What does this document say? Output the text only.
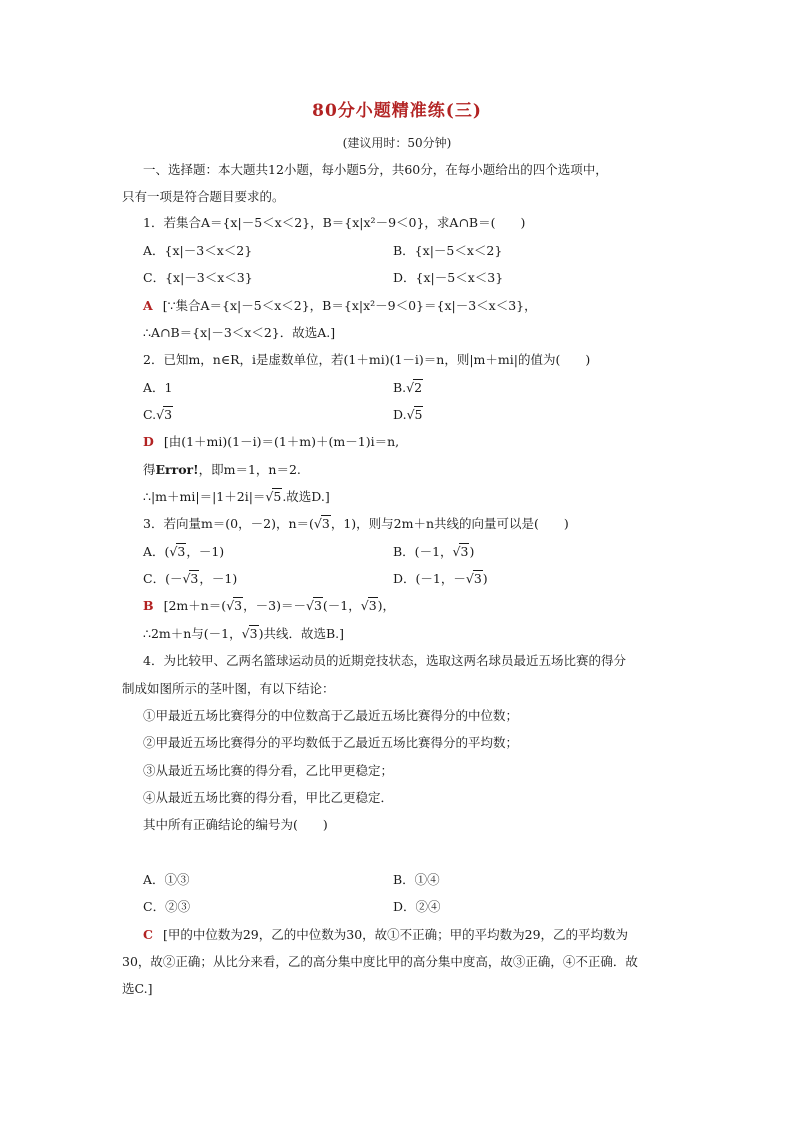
80分小题精准练(三)
(建议用时：50分钟)
一、选择题：本大题共12小题，每小题5分，共60分，在每小题给出的四个选项中，
只有一项是符合题目要求的。
1．若集合A＝{x|－5＜x＜2}，B＝{x|x²－9＜0}，求A∩B＝(　　)
A．{x|－3＜x＜2}	B．{x|－5＜x＜2}
C．{x|－3＜x＜3}	D．{x|－5＜x＜3}
A [∵集合A＝{x|－5＜x＜2}，B＝{x|x²－9＜0}＝{x|－3＜x＜3}，
∴A∩B＝{x|－3＜x＜2}．故选A.]
2．已知m，n∈R，i是虚数单位，若(1＋mi)(1－i)＝n，则|m＋mi|的值为(　　)
A．1	B.√2
C.√3	D.√5
D [由(1＋mi)(1－i)＝(1＋m)＋(m－1)i＝n,
得Error!，即m＝1，n＝2.
∴|m＋mi|＝|1＋2i|＝√5.故选D.]
3．若向量m＝(0，－2)，n＝(√3，1)，则与2m＋n共线的向量可以是(　　)
A．(√3，－1)	B．(－1，√3)
C．(－√3，－1)	D．(－1，－√3)
B [2m＋n＝(√3，－3)＝－√3(－1，√3)，
∴2m＋n与(－1，√3)共线．故选B.]
4．为比较甲、乙两名篮球运动员的近期竞技状态，选取这两名球员最近五场比赛的得分
制成如图所示的茎叶图，有以下结论：
①甲最近五场比赛得分的中位数高于乙最近五场比赛得分的中位数；
②甲最近五场比赛得分的平均数低于乙最近五场比赛得分的平均数；
③从最近五场比赛的得分看，乙比甲更稳定；
④从最近五场比赛的得分看，甲比乙更稳定．
其中所有正确结论的编号为(　　)
A．①③	B．①④
C．②③	D．②④
C [甲的中位数为29，乙的中位数为30，故①不正确；甲的平均数为29，乙的平均数为
30，故②正确；从比分来看，乙的高分集中度比甲的高分集中度高，故③正确，④不正确．故
选C.]
